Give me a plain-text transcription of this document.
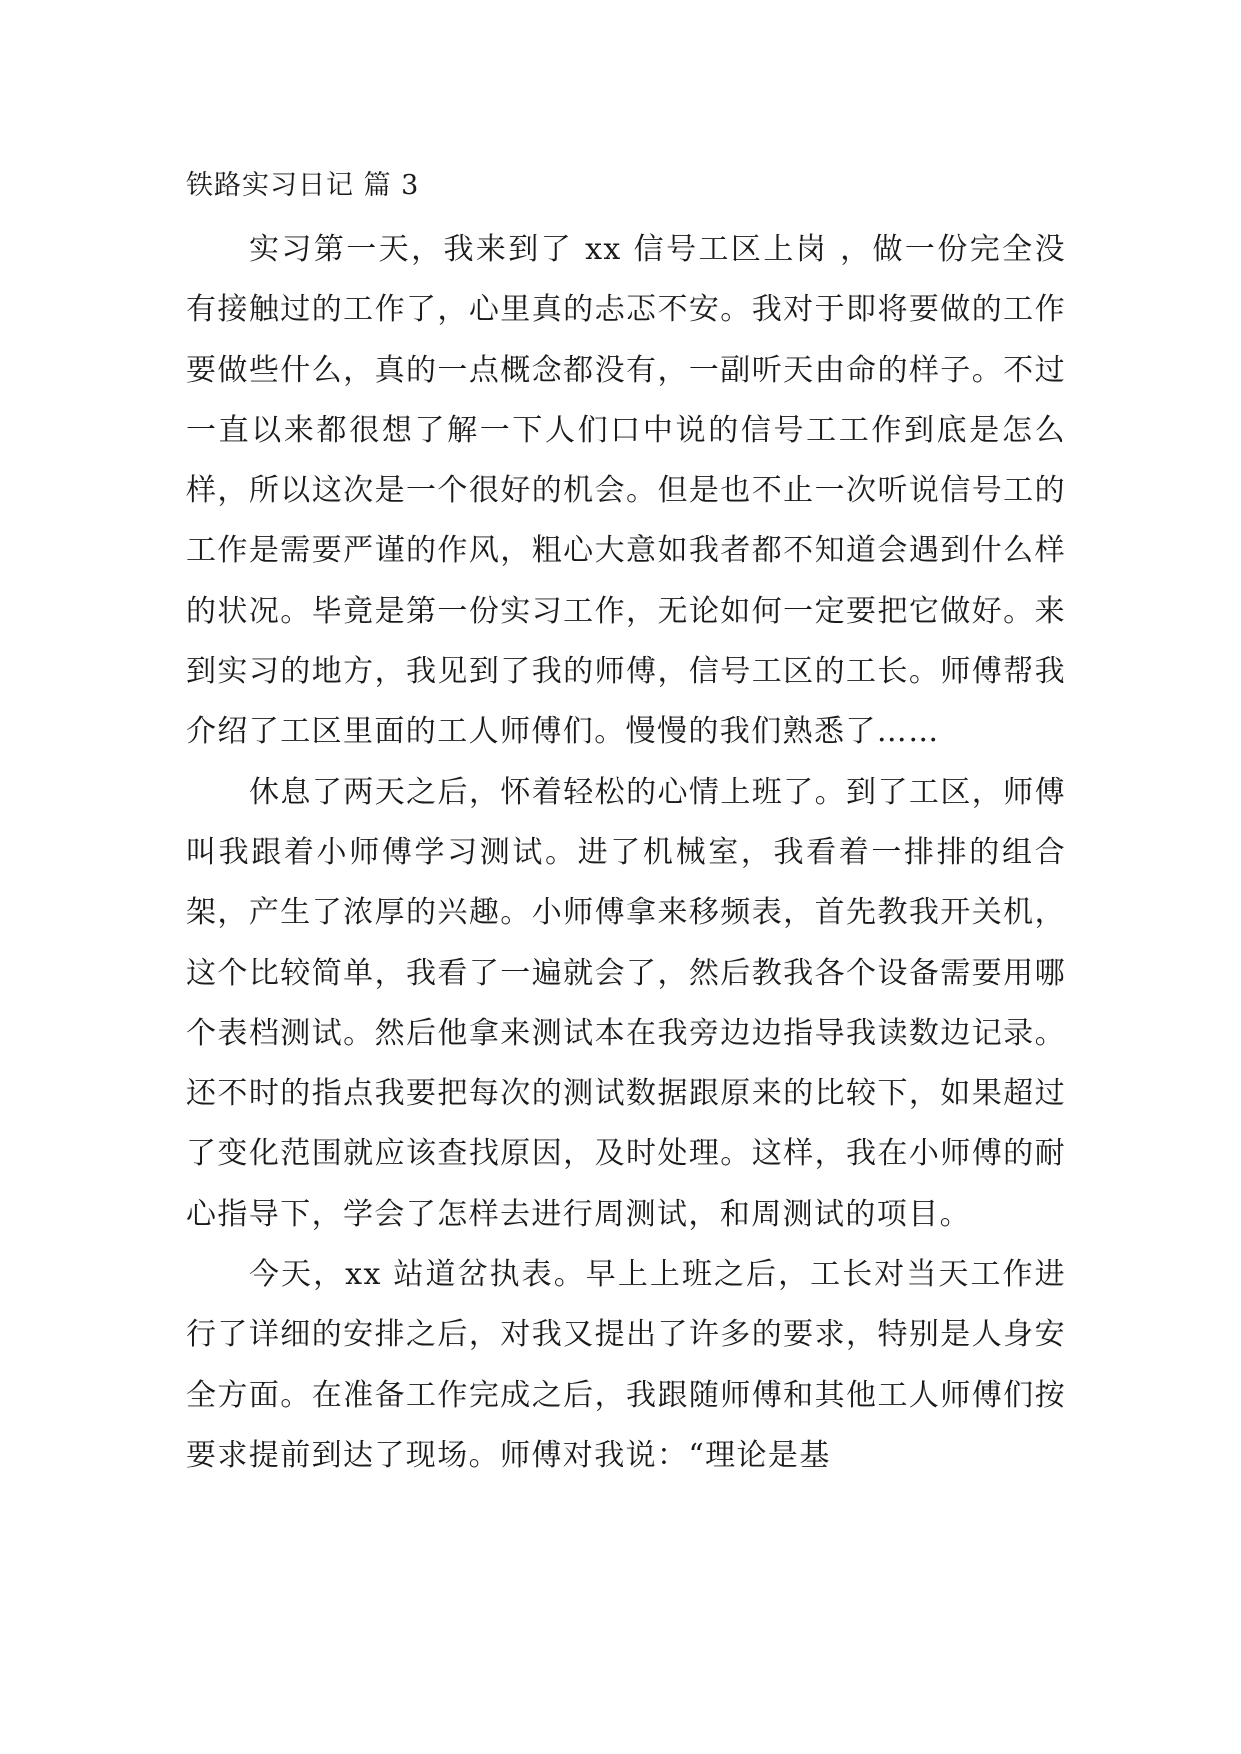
铁路实习日记 篇 3

实习第一天，我来到了 xx 信号工区上岗 ，做一份完全没有接触过的工作了，心里真的忐忑不安。我对于即将要做的工作要做些什么，真的一点概念都没有，一副听天由命的样子。不过一直以来都很想了解一下人们口中说的信号工工作到底是怎么样，所以这次是一个很好的机会。但是也不止一次听说信号工的工作是需要严谨的作风，粗心大意如我者都不知道会遇到什么样的状况。毕竟是第一份实习工作，无论如何一定要把它做好。来到实习的地方，我见到了我的师傅，信号工区的工长。师傅帮我介绍了工区里面的工人师傅们。慢慢的我们熟悉了……

休息了两天之后，怀着轻松的心情上班了。到了工区，师傅叫我跟着小师傅学习测试。进了机械室，我看着一排排的组合架，产生了浓厚的兴趣。小师傅拿来移频表，首先教我开关机，这个比较简单，我看了一遍就会了，然后教我各个设备需要用哪个表档测试。然后他拿来测试本在我旁边边指导我读数边记录。还不时的指点我要把每次的测试数据跟原来的比较下，如果超过了变化范围就应该查找原因，及时处理。这样，我在小师傅的耐心指导下，学会了怎样去进行周测试，和周测试的项目。

今天，xx 站道岔执表。早上上班之后，工长对当天工作进行了详细的安排之后，对我又提出了许多的要求，特别是人身安全方面。在准备工作完成之后，我跟随师傅和其他工人师傅们按要求提前到达了现场。师傅对我说：“理论是基
